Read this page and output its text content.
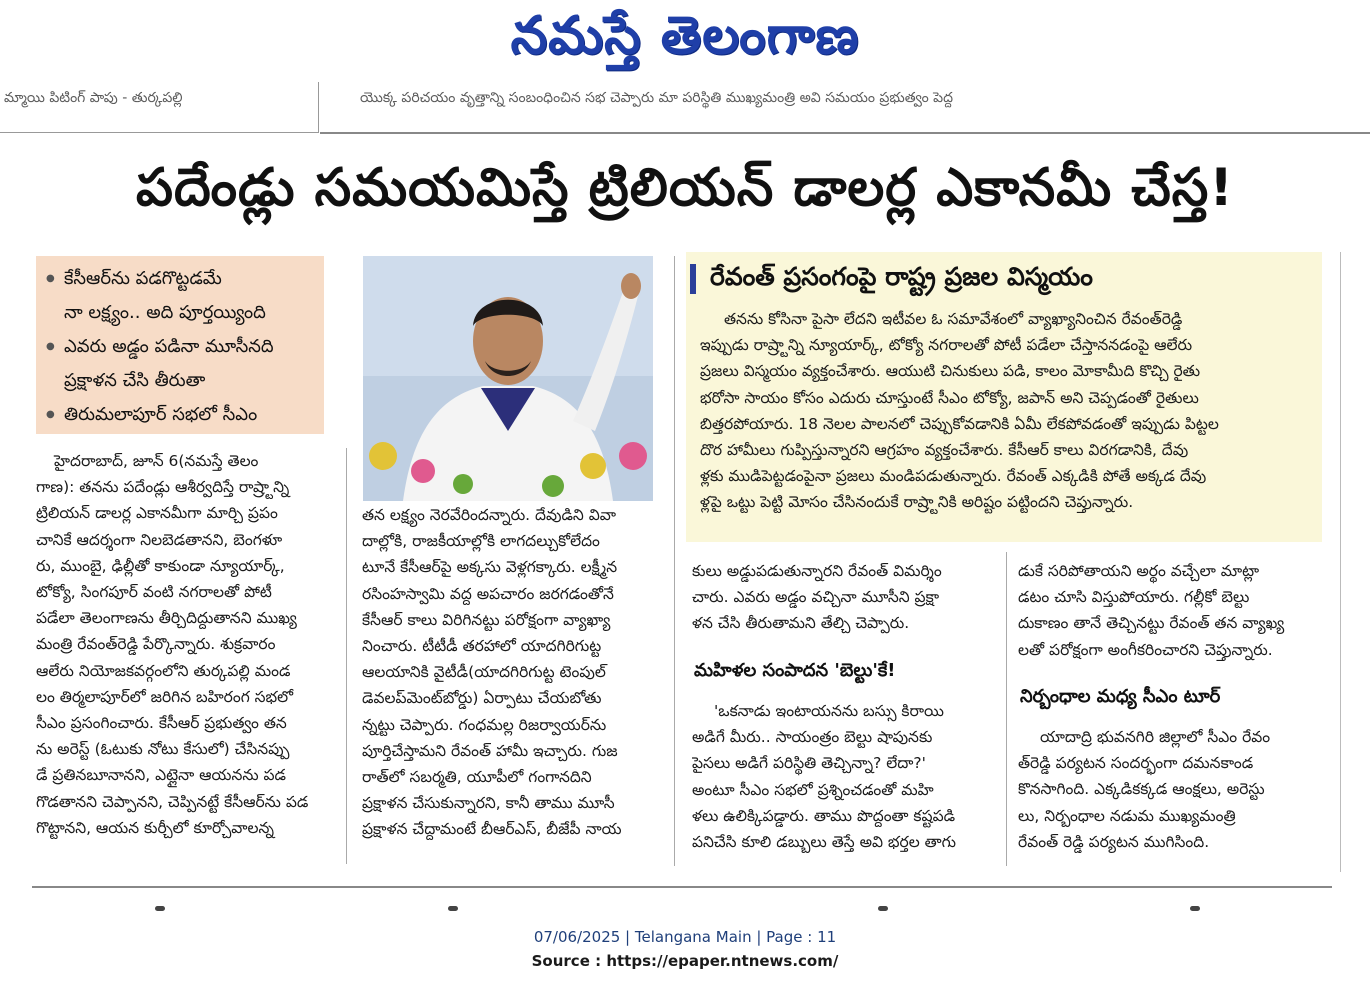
నమస్తే తెలంగాణ
మ్మాయి పిటింగ్ పాపు - తుర్కపల్లి	యొక్క పరిచయం వృత్తాన్ని సంబంధించిన సభ చెప్పారు మా పరిస్థితి ముఖ్యమంత్రి అవి సమయం ప్రభుత్వం పెద్ద
పదేండ్లు సమయమిస్తే ట్రిలియన్ డాలర్ల ఎకానమీ చేస్త!
● కేసీఆర్‌ను పడగొట్టడమే
నా లక్ష్యం.. అది పూర్తయ్యింది
● ఎవరు అడ్డం పడినా మూసీనది
ప్రక్షాళన చేసి తీరుతా
● తిరుమలాపూర్ సభలో సీఎం

హైదరాబాద్, జూన్ 6(నమస్తే తెలం

గాణ): తనను పదేండ్లు ఆశీర్వదిస్తే రాష్ర్టాన్ని

ట్రిలియన్ డాలర్ల ఎకానమీగా మార్చి ప్రపం

చానికే ఆదర్శంగా నిలబెడతానని, బెంగళూ

రు, ముంబై, ఢిల్లీతో కాకుండా న్యూయార్క్,

టోక్యో, సింగపూర్ వంటి నగరాలతో పోటీ

పడేలా తెలంగాణను తీర్చిదిద్దుతానని ముఖ్య

మంత్రి రేవంత్‌రెడ్డి పేర్కొన్నారు. శుక్రవారం

ఆలేరు నియోజకవర్గంలోని తుర్కపల్లి మండ

లం తిర్మలాపూర్‌లో జరిగిన బహిరంగ సభలో

సీఎం ప్రసంగించారు. కేసీఆర్ ప్రభుత్వం తన

ను అరెస్ట్ (ఓటుకు నోటు కేసులో) చేసినప్పు

డే ప్రతినబూనానని, ఎట్లైనా ఆయనను పడ

గొడతానని చెప్పానని, చెప్పినట్టే కేసీఆర్‌ను పడ

గొట్టానని, ఆయన కుర్చీలో కూర్చోవాలన్న

తన లక్ష్యం నెరవేరిందన్నారు. దేవుడిని వివా

దాల్లోకి, రాజకీయాల్లోకి లాగదల్చుకోలేదం

టూనే కేసీఆర్‌పై అక్కసు వెళ్లగక్కారు. లక్ష్మీన

రసింహస్వామి వద్ద అపచారం జరగడంతోనే

కేసీఆర్ కాలు విరిగినట్టు పరోక్షంగా వ్యాఖ్యా

నించారు. టీటీడీ తరహాలో యాదగిరిగుట్ట

ఆలయానికి వైటీడీ(యాదగిరిగుట్ట టెంపుల్

డెవలప్‌మెంట్‌బోర్డు) ఏర్పాటు చేయబోతు

న్నట్టు చెప్పారు. గంధమల్ల రిజర్వాయర్‌ను

పూర్తిచేస్తామని రేవంత్ హామీ ఇచ్చారు. గుజ

రాత్‌లో సబర్మతి, యూపీలో గంగానదిని

ప్రక్షాళన చేసుకున్నారని, కానీ తాము మూసీ

ప్రక్షాళన చేద్దామంటే బీఆర్‌ఎస్, బీజేపీ నాయ

రేవంత్ ప్రసంగంపై రాష్ట్ర ప్రజల విస్మయం
తనను కోసినా పైసా లేదని ఇటీవల ఓ సమావేశంలో వ్యాఖ్యానించిన రేవంత్‌రెడ్డి
ఇప్పుడు రాష్ర్టాన్ని న్యూయార్క్, టోక్యో నగరాలతో పోటీ పడేలా చేస్తాననడంపై ఆలేరు
ప్రజలు విస్మయం వ్యక్తంచేశారు. ఆయుటి చినుకులు పడి, కాలం మోకామీది కొచ్చి రైతు
భరోసా సాయం కోసం ఎదురు చూస్తుంటే సీఎం టోక్యో, జపాన్ అని చెప్పడంతో రైతులు
బిత్తరపోయారు. 18 నెలల పాలనలో చెప్పుకోవడానికి ఏమీ లేకపోవడంతో ఇప్పుడు పిట్టల
దొర హామీలు గుప్పిస్తున్నారని ఆగ్రహం వ్యక్తంచేశారు. కేసీఆర్ కాలు విరగడానికి, దేవు
ళ్లకు ముడిపెట్టడంపైనా ప్రజలు మండిపడుతున్నారు. రేవంత్ ఎక్కడికి పోతే అక్కడ దేవు
ళ్లపై ఒట్టు పెట్టి మోసం చేసినందుకే రాష్ర్టానికి అరిష్టం పట్టిందని చెప్తున్నారు.

కులు అడ్డుపడుతున్నారని రేవంత్ విమర్శిం

చారు. ఎవరు అడ్డం వచ్చినా మూసీని ప్రక్షా

ళన చేసి తీరుతామని తేల్చి చెప్పారు.

మహిళల సంపాదన 'బెల్టు'కే!

'ఒకనాడు ఇంటాయనను బస్సు కిరాయి

అడిగే మీరు.. సాయంత్రం బెల్టు షాపునకు

పైసలు అడిగే పరిస్థితి తెచ్చిన్నా? లేదా?'

అంటూ సీఎం సభలో ప్రశ్నించడంతో మహి

ళలు ఉలిక్కిపడ్డారు. తాము పొద్దంతా కష్టపడి

పనిచేసి కూలి డబ్బులు తెస్తే అవి భర్తల తాగు

డుకే సరిపోతాయని అర్థం వచ్చేలా మాట్లా

డటం చూసి విస్తుపోయారు. గల్లీకో బెల్టు

దుకాణం తానే తెచ్చినట్టు రేవంత్ తన వ్యాఖ్య

లతో పరోక్షంగా అంగీకరించారని చెప్తున్నారు.

నిర్బంధాల మధ్య సీఎం టూర్

యాదాద్రి భువనగిరి జిల్లాలో సీఎం రేవం

త్‌రెడ్డి పర్యటన సందర్భంగా దమనకాండ

కొనసాగింది. ఎక్కడికక్కడ ఆంక్షలు, అరెస్టు

లు, నిర్బంధాల నడుమ ముఖ్యమంత్రి

రేవంత్ రెడ్డి పర్యటన ముగిసింది.

07/06/2025 | Telangana Main | Page : 11
Source : https://epaper.ntnews.com/
